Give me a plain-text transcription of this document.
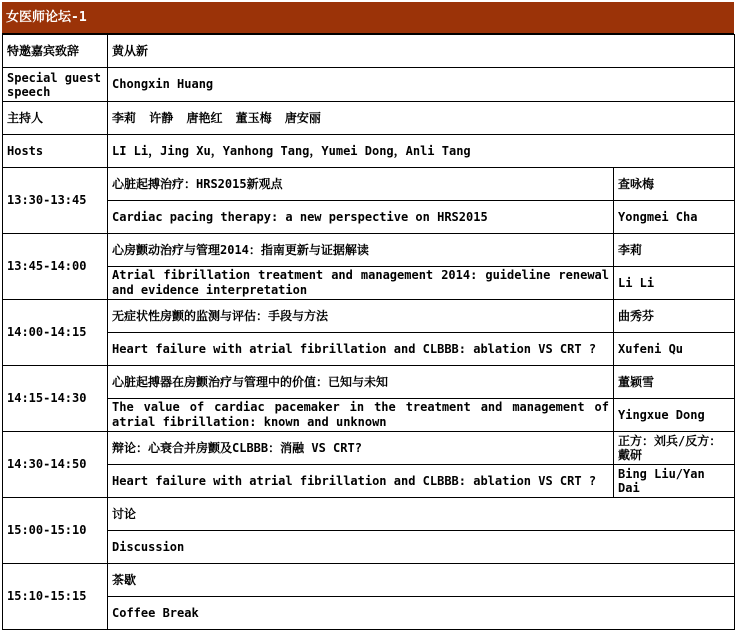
女医师论坛-1
特邀嘉宾致辞	黄从新	
Special guest speech	Chongxin Huang	
主持人	李莉 许静 唐艳红 董玉梅 唐安丽	
Hosts	LI Li，Jing Xu，Yanhong Tang，Yumei Dong，Anli Tang	
13:30-13:45	心脏起搏治疗：HRS2015新观点	查咏梅
	Cardiac pacing therapy: a new perspective on HRS2015	Yongmei Cha
13:45-14:00	心房颤动治疗与管理2014：指南更新与证据解读	李莉
	Atrial fibrillation treatment and management 2014: guideline renewal and evidence interpretation	Li Li
14:00-14:15	无症状性房颤的监测与评估：手段与方法	曲秀芬
	Heart failure with atrial fibrillation and CLBBB: ablation VS CRT ?	Xufeni Qu
14:15-14:30	心脏起搏器在房颤治疗与管理中的价值：已知与未知	董颖雪
	The value of cardiac pacemaker in the treatment and management of atrial fibrillation: known and unknown	Yingxue Dong
14:30-14:50	辩论：心衰合并房颤及CLBBB：消融 VS CRT?	正方：刘兵/反方：戴研
	Heart failure with atrial fibrillation and CLBBB: ablation VS CRT ?	Bing Liu/Yan Dai
15:00-15:10	讨论	
	Discussion	
15:10-15:15	茶歇	
	Coffee Break	
